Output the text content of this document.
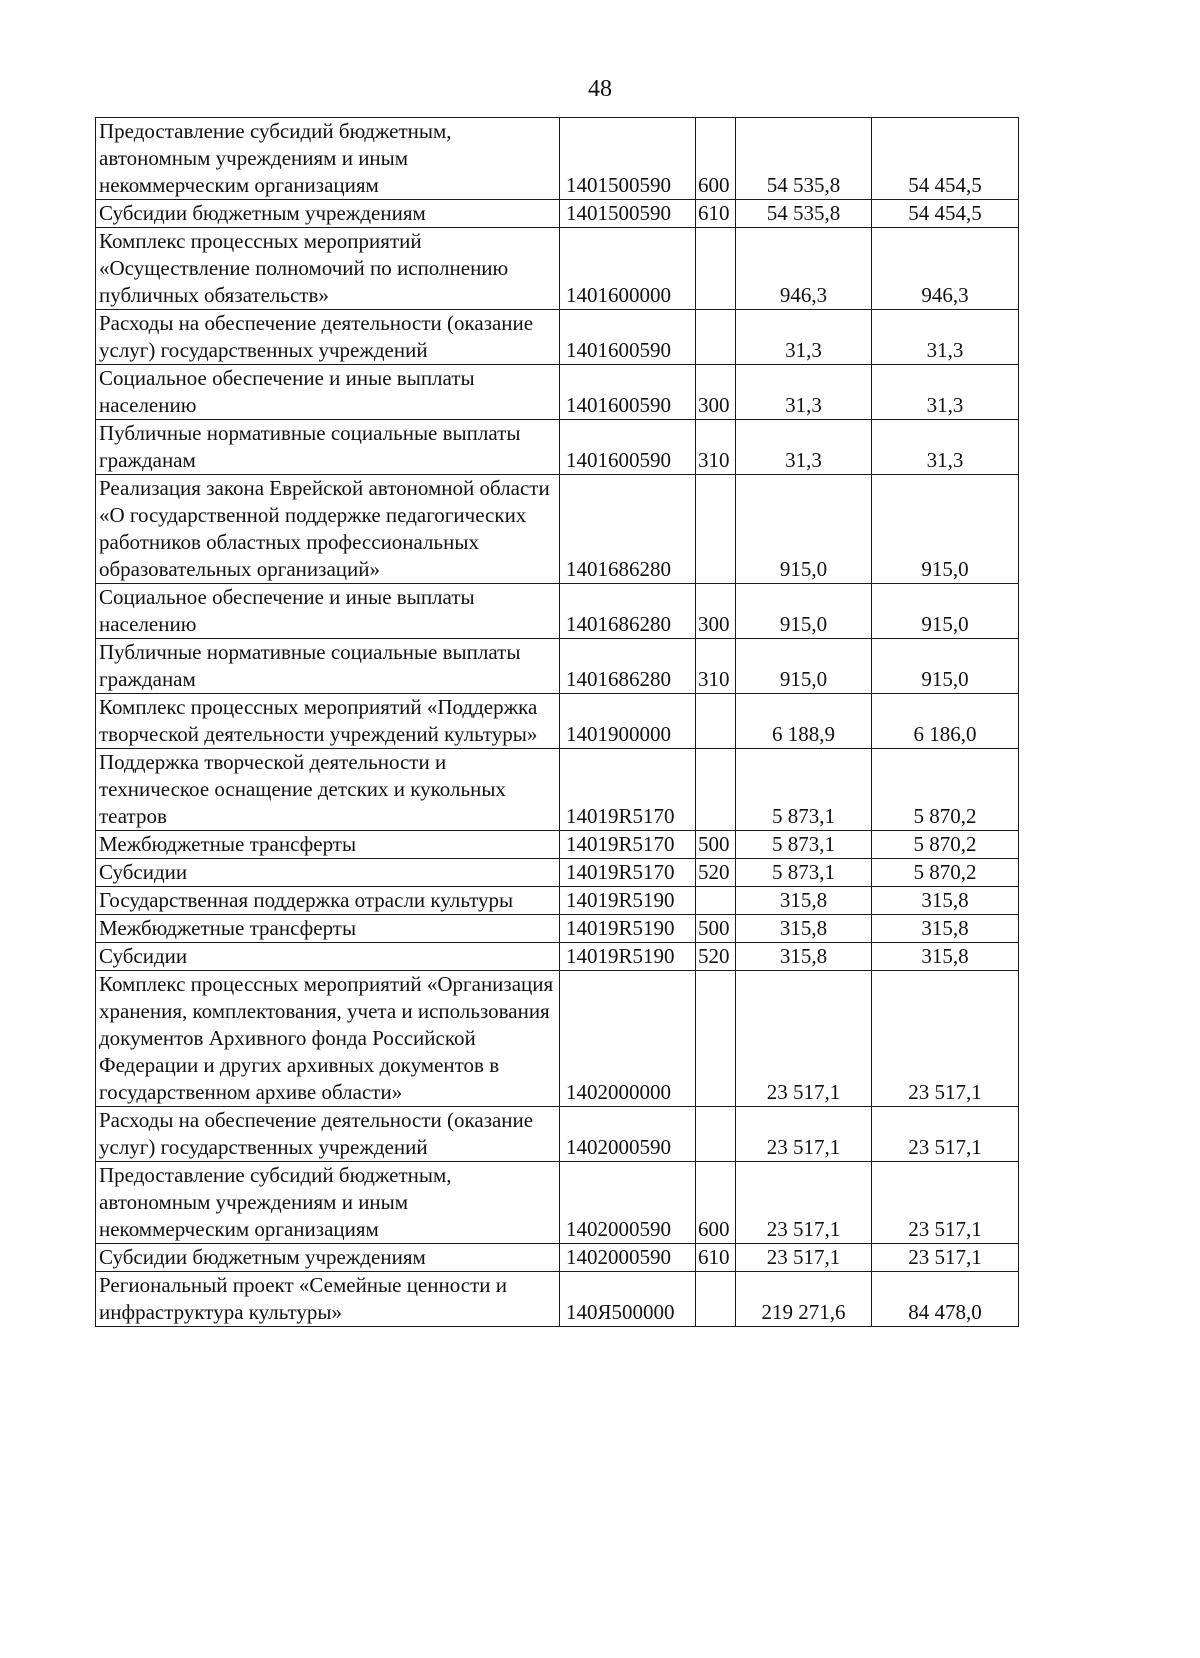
48
Предоставление субсидий бюджетным, автономным учреждениям и иным некоммерческим организациям	1401500590	600	54 535,8	54 454,5
Субсидии бюджетным учреждениям	1401500590	610	54 535,8	54 454,5
Комплекс процессных мероприятий «Осуществление полномочий по исполнению публичных обязательств»	1401600000		946,3	946,3
Расходы на обеспечение деятельности (оказание услуг) государственных учреждений	1401600590		31,3	31,3
Социальное обеспечение и иные выплаты населению	1401600590	300	31,3	31,3
Публичные нормативные социальные выплаты гражданам	1401600590	310	31,3	31,3
Реализация закона Еврейской автономной области «О государственной поддержке педагогических работников областных профессиональных образовательных организаций»	1401686280		915,0	915,0
Социальное обеспечение и иные выплаты населению	1401686280	300	915,0	915,0
Публичные нормативные социальные выплаты гражданам	1401686280	310	915,0	915,0
Комплекс процессных мероприятий «Поддержка творческой деятельности учреждений культуры»	1401900000		6 188,9	6 186,0
Поддержка творческой деятельности и техническое оснащение детских и кукольных театров	14019R5170		5 873,1	5 870,2
Межбюджетные трансферты	14019R5170	500	5 873,1	5 870,2
Субсидии	14019R5170	520	5 873,1	5 870,2
Государственная поддержка отрасли культуры	14019R5190		315,8	315,8
Межбюджетные трансферты	14019R5190	500	315,8	315,8
Субсидии	14019R5190	520	315,8	315,8
Комплекс процессных мероприятий «Организация хранения, комплектования, учета и использования документов Архивного фонда Российской Федерации и других архивных документов в государственном архиве области»	1402000000		23 517,1	23 517,1
Расходы на обеспечение деятельности (оказание услуг) государственных учреждений	1402000590		23 517,1	23 517,1
Предоставление субсидий бюджетным, автономным учреждениям и иным некоммерческим организациям	1402000590	600	23 517,1	23 517,1
Субсидии бюджетным учреждениям	1402000590	610	23 517,1	23 517,1
Региональный проект «Семейные ценности и инфраструктура культуры»	140Я500000		219 271,6	84 478,0
